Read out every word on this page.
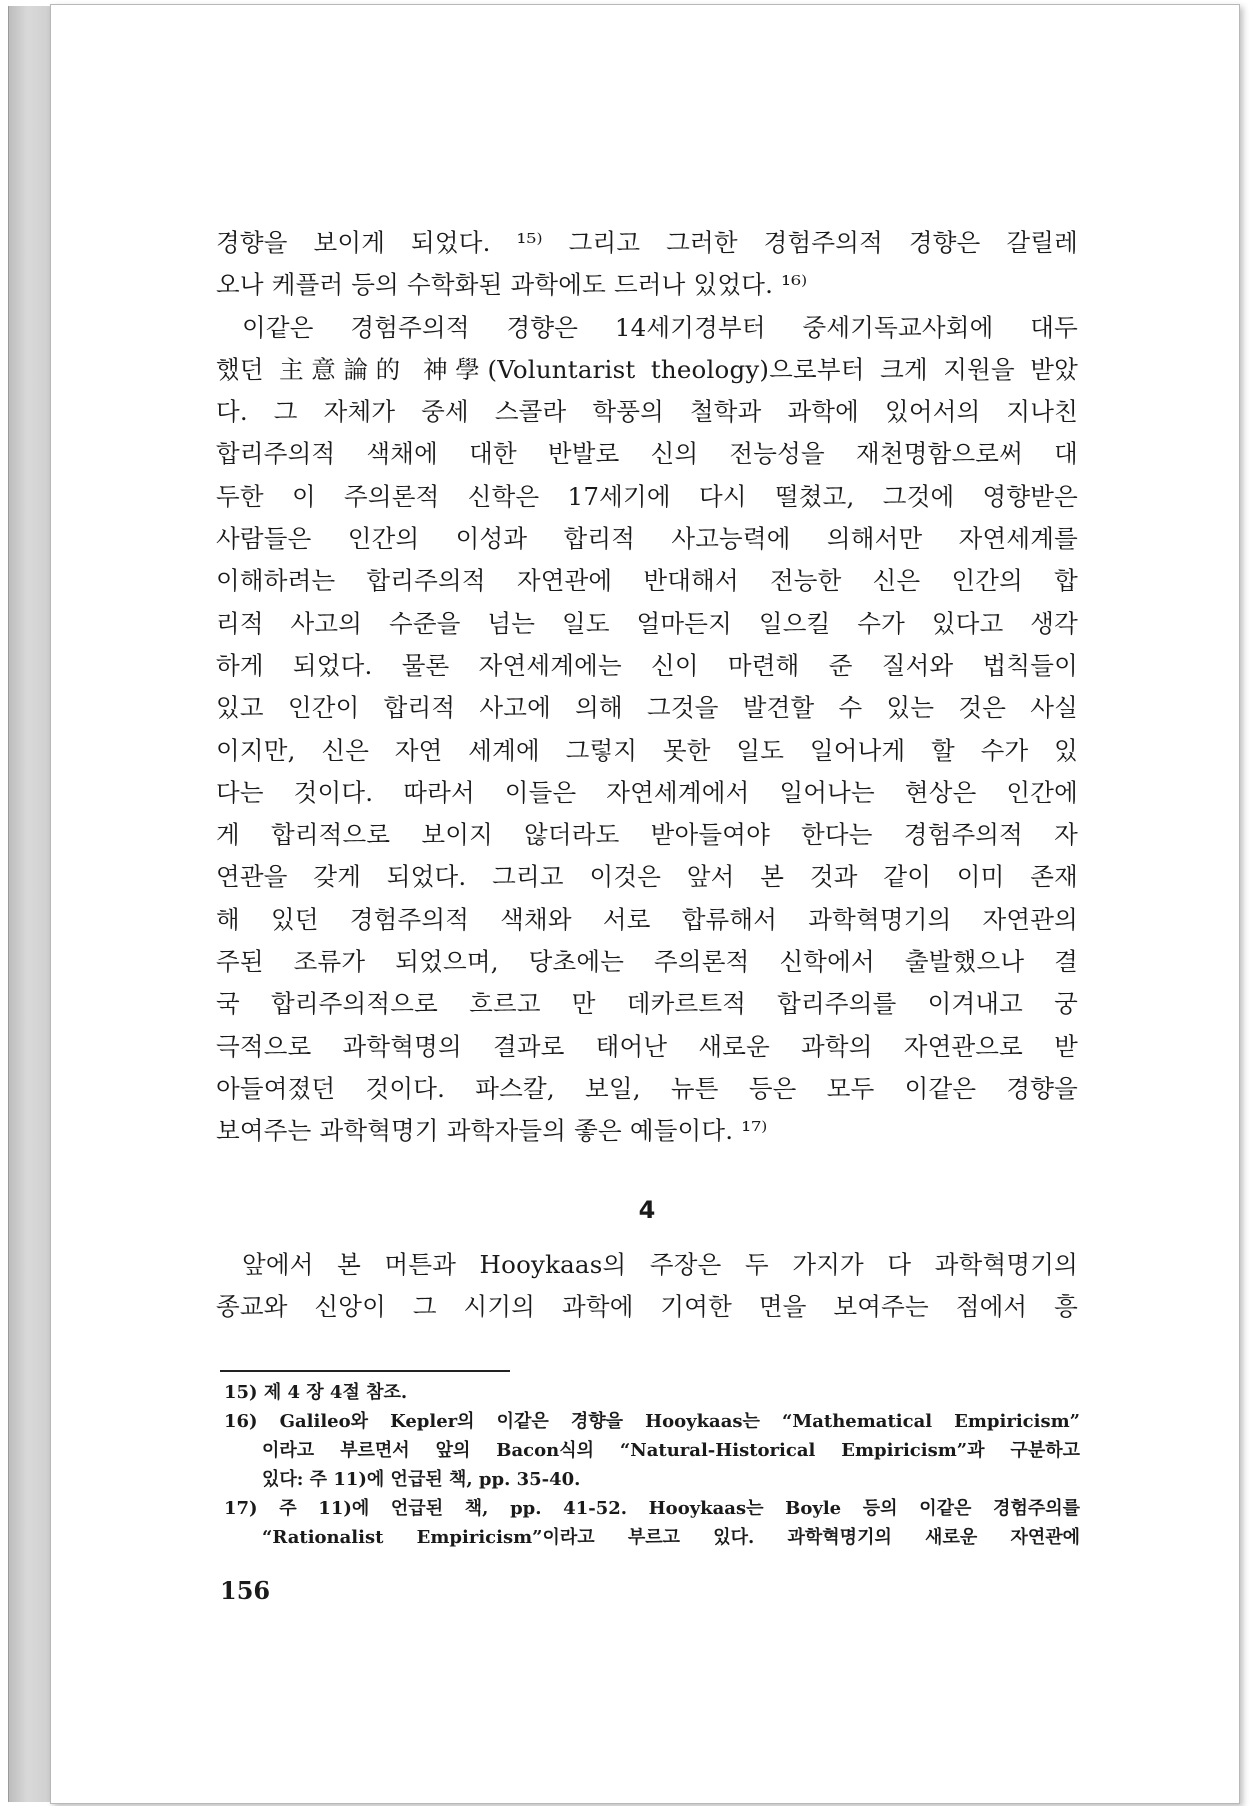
경향을 보이게 되었다. ¹⁵⁾ 그리고 그러한 경험주의적 경향은 갈릴레
오나 케플러 등의 수학화된 과학에도 드러나 있었다. ¹⁶⁾
이같은 경험주의적 경향은 14세기경부터 중세기독교사회에 대두
했던 主意論的 神學(Voluntarist theology)으로부터 크게 지원을 받았
다. 그 자체가 중세 스콜라 학풍의 철학과 과학에 있어서의 지나친
합리주의적 색채에 대한 반발로 신의 전능성을 재천명함으로써 대
두한 이 주의론적 신학은 17세기에 다시 떨쳤고, 그것에 영향받은
사람들은 인간의 이성과 합리적 사고능력에 의해서만 자연세계를
이해하려는 합리주의적 자연관에 반대해서 전능한 신은 인간의 합
리적 사고의 수준을 넘는 일도 얼마든지 일으킬 수가 있다고 생각
하게 되었다. 물론 자연세계에는 신이 마련해 준 질서와 법칙들이
있고 인간이 합리적 사고에 의해 그것을 발견할 수 있는 것은 사실
이지만, 신은 자연 세계에 그렇지 못한 일도 일어나게 할 수가 있
다는 것이다. 따라서 이들은 자연세계에서 일어나는 현상은 인간에
게 합리적으로 보이지 않더라도 받아들여야 한다는 경험주의적 자
연관을 갖게 되었다. 그리고 이것은 앞서 본 것과 같이 이미 존재
해 있던 경험주의적 색채와 서로 합류해서 과학혁명기의 자연관의
주된 조류가 되었으며, 당초에는 주의론적 신학에서 출발했으나 결
국 합리주의적으로 흐르고 만 데카르트적 합리주의를 이겨내고 궁
극적으로 과학혁명의 결과로 태어난 새로운 과학의 자연관으로 받
아들여졌던 것이다. 파스칼, 보일, 뉴튼 등은 모두 이같은 경향을
보여주는 과학혁명기 과학자들의 좋은 예들이다. ¹⁷⁾
4
앞에서 본 머튼과 Hooykaas의 주장은 두 가지가 다 과학혁명기의
종교와 신앙이 그 시기의 과학에 기여한 면을 보여주는 점에서 흥
15) 제 4 장 4절 참조.
16) Galileo와 Kepler의 이같은 경향을 Hooykaas는 “Mathematical Empiricism”
이라고 부르면서 앞의 Bacon식의 “Natural-Historical Empiricism”과 구분하고
있다: 주 11)에 언급된 책, pp. 35-40.
17) 주 11)에 언급된 책, pp. 41-52. Hooykaas는 Boyle 등의 이같은 경험주의를
“Rationalist Empiricism”이라고 부르고 있다. 과학혁명기의 새로운 자연관에
156
